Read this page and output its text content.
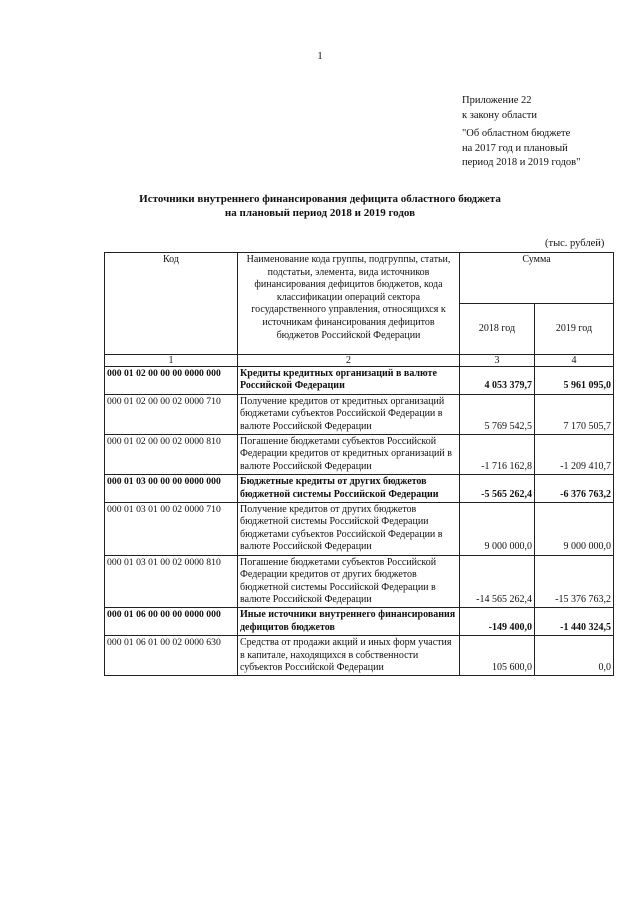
1
Приложение 22
к закону области
"Об областном бюджете
на 2017 год и плановый
период 2018 и 2019 годов"
Источники внутреннего финансирования дефицита областного бюджета
на плановый период 2018 и 2019 годов
(тыс. рублей)
Код	Наименование кода группы, подгруппы, статьи, подстатьи, элемента, вида источников финансирования дефицитов бюджетов, кода классификации операций сектора государственного управления, относящихся к источникам финансирования дефицитов бюджетов Российской Федерации	Сумма	
		2018 год	2019 год
1	2	3	4
000 01 02 00 00 00 0000 000	Кредиты кредитных организаций в валюте Российской Федерации	4 053 379,7	5 961 095,0
000 01 02 00 00 02 0000 710	Получение кредитов от кредитных организаций бюджетами субъектов Российской Федерации в валюте Российской Федерации	5 769 542,5	7 170 505,7
000 01 02 00 00 02 0000 810	Погашение бюджетами субъектов Российской Федерации кредитов от кредитных организаций в валюте Российской Федерации	-1 716 162,8	-1 209 410,7
000 01 03 00 00 00 0000 000	Бюджетные кредиты от других бюджетов бюджетной системы Российской Федерации	-5 565 262,4	-6 376 763,2
000 01 03 01 00 02 0000 710	Получение кредитов от других бюджетов бюджетной системы Российской Федерации бюджетами субъектов Российской Федерации в валюте Российской Федерации	9 000 000,0	9 000 000,0
000 01 03 01 00 02 0000 810	Погашение бюджетами субъектов Российской Федерации кредитов от других бюджетов бюджетной системы Российской Федерации в валюте Российской Федерации	-14 565 262,4	-15 376 763,2
000 01 06 00 00 00 0000 000	Иные источники внутреннего финансирования дефицитов бюджетов	-149 400,0	-1 440 324,5
000 01 06 01 00 02 0000 630	Средства от продажи акций и иных форм участия в капитале, находящихся в собственности субъектов Российской Федерации	105 600,0	0,0
